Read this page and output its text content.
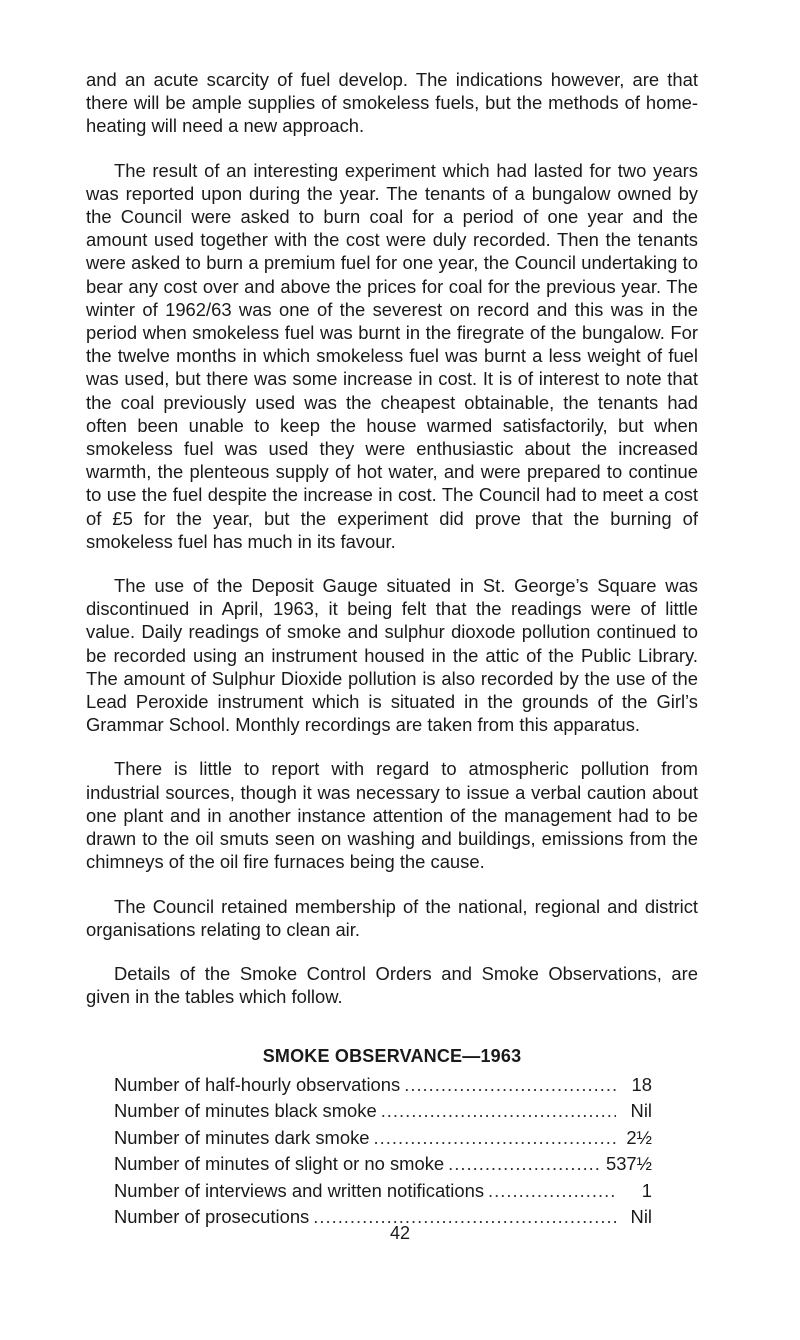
and an acute scarcity of fuel develop. The indications however, are that there will be ample supplies of smokeless fuels, but the methods of home-heating will need a new approach.

The result of an interesting experiment which had lasted for two years was reported upon during the year. The tenants of a bungalow owned by the Council were asked to burn coal for a period of one year and the amount used together with the cost were duly recorded. Then the tenants were asked to burn a premium fuel for one year, the Council undertaking to bear any cost over and above the prices for coal for the previous year. The winter of 1962/63 was one of the severest on record and this was in the period when smokeless fuel was burnt in the firegrate of the bungalow. For the twelve months in which smokeless fuel was burnt a less weight of fuel was used, but there was some increase in cost. It is of interest to note that the coal previously used was the cheapest obtainable, the tenants had often been unable to keep the house warmed satisfactorily, but when smokeless fuel was used they were enthusiastic about the increased warmth, the plenteous supply of hot water, and were prepared to continue to use the fuel despite the increase in cost. The Council had to meet a cost of £5 for the year, but the experiment did prove that the burning of smokeless fuel has much in its favour.

The use of the Deposit Gauge situated in St. George’s Square was discontinued in April, 1963, it being felt that the readings were of little value. Daily readings of smoke and sulphur dioxode pollution continued to be recorded using an instrument housed in the attic of the Public Library. The amount of Sulphur Dioxide pollution is also recorded by the use of the Lead Peroxide instrument which is situated in the grounds of the Girl’s Grammar School. Monthly recordings are taken from this apparatus.

There is little to report with regard to atmospheric pollution from industrial sources, though it was necessary to issue a verbal caution about one plant and in another instance attention of the management had to be drawn to the oil smuts seen on washing and buildings, emissions from the chimneys of the oil fire furnaces being the cause.

The Council retained membership of the national, regional and district organisations relating to clean air.

Details of the Smoke Control Orders and Smoke Observations, are given in the tables which follow.

SMOKE OBSERVANCE—1963
Number of half-hourly observations .....	18
Number of minutes black smoke .....	Nil
Number of minutes dark smoke .....	2½
Number of minutes of slight or no smoke .....	537½
Number of interviews and written notifications .....	1
Number of prosecutions .....	Nil
42
